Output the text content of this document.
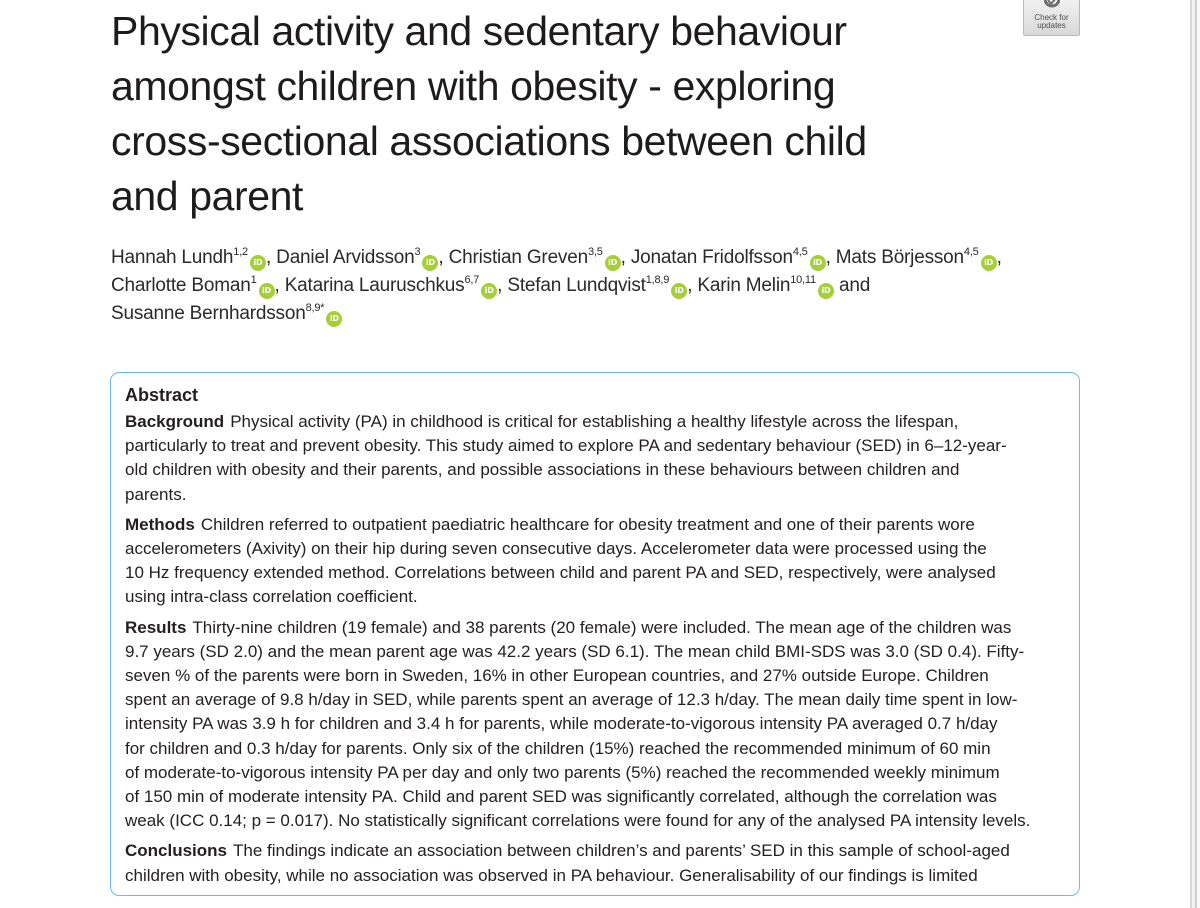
Check for
updates
Physical activity and sedentary behaviour
amongst children with obesity - exploring
cross-sectional associations between child
and parent
Hannah Lundh$^{1,2}$iD , Daniel Arvidsson$^3$iD , Christian Greven$^{3,5}$iD , Jonatan Fridolfsson$^{4,5}$iD , Mats Börjesson$^{4,5}$iD ,
Charlotte Boman$^1$iD , Katarina Lauruschkus$^{6,7}$iD , Stefan Lundqvist$^{1,8,9}$iD , Karin Melin$^{10,11}$iD and
Susanne Bernhardsson$^{8,9*}$iD
Abstract
Background Physical activity (PA) in childhood is critical for establishing a healthy lifestyle across the lifespan,
particularly to treat and prevent obesity. This study aimed to explore PA and sedentary behaviour (SED) in 6–12-year-
old children with obesity and their parents, and possible associations in these behaviours between children and
parents.
Methods Children referred to outpatient paediatric healthcare for obesity treatment and one of their parents wore
accelerometers (Axivity) on their hip during seven consecutive days. Accelerometer data were processed using the
10 Hz frequency extended method. Correlations between child and parent PA and SED, respectively, were analysed
using intra-class correlation coefficient.
Results Thirty-nine children (19 female) and 38 parents (20 female) were included. The mean age of the children was
9.7 years (SD 2.0) and the mean parent age was 42.2 years (SD 6.1). The mean child BMI-SDS was 3.0 (SD 0.4). Fifty-
seven % of the parents were born in Sweden, 16% in other European countries, and 27% outside Europe. Children
spent an average of 9.8 h/day in SED, while parents spent an average of 12.3 h/day. The mean daily time spent in low-
intensity PA was 3.9 h for children and 3.4 h for parents, while moderate-to-vigorous intensity PA averaged 0.7 h/day
for children and 0.3 h/day for parents. Only six of the children (15%) reached the recommended minimum of 60 min
of moderate-to-vigorous intensity PA per day and only two parents (5%) reached the recommended weekly minimum
of 150 min of moderate intensity PA. Child and parent SED was significantly correlated, although the correlation was
weak (ICC 0.14; p = 0.017). No statistically significant correlations were found for any of the analysed PA intensity levels.
Conclusions The findings indicate an association between children’s and parents’ SED in this sample of school-aged
children with obesity, while no association was observed in PA behaviour. Generalisability of our findings is limited
